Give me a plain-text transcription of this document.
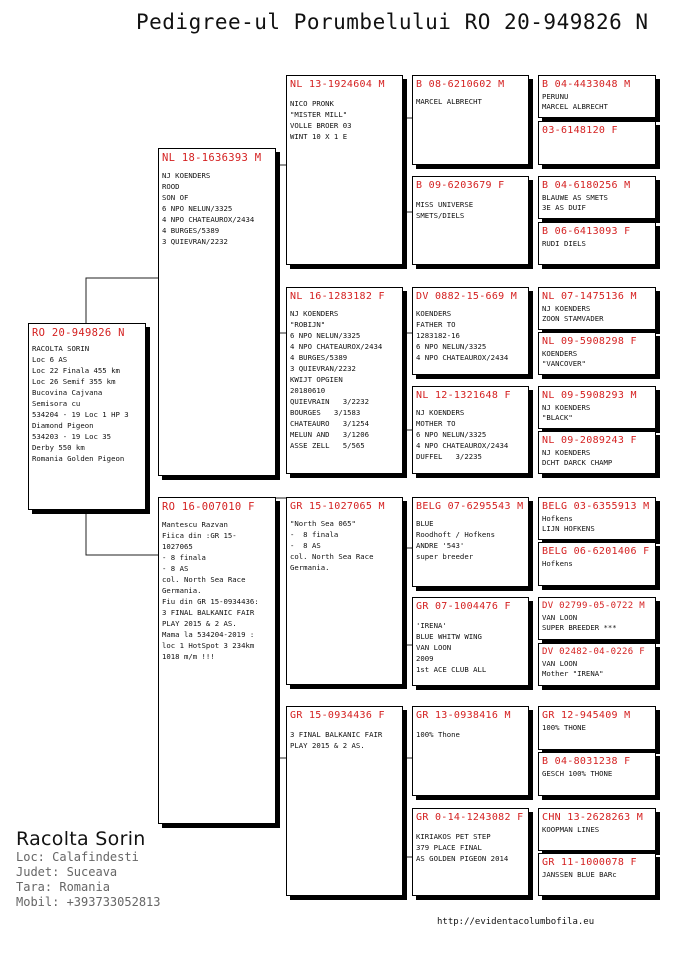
Pedigree-ul Porumbelului RO 20-949826 N
RO 20-949826 N
RACOLTA SORIN
Loc 6 AS
Loc 22 Finala 455 km
Loc 26 Semif 355 km
Bucovina Cajvana
Semisora cu
534204 - 19 Loc 1 HP 3
Diamond Pigeon
534203 - 19 Loc 35
Derby 550 km
Romania Golden Pigeon
NL 18-1636393 M
NJ KOENDERS
ROOD
SON OF
6 NPO NELUN/3325
4 NPO CHATEAUROX/2434
4 BURGES/5389
3 QUIEVRAN/2232
RO 16-007010 F
Mantescu Razvan
Fiica din :GR 15-
1027065
- 8 finala
- 8 AS
col. North Sea Race
Germania.
Fiu din GR 15-0934436:
3 FINAL BALKANIC FAIR
PLAY 2015 & 2 AS.
Mama la 534204-2019 :
loc 1 HotSpot 3 234km
1018 m/m !!!
NL 13-1924604 M
NICO PRONK
"MISTER MILL"
VOLLE BROER 03
WINT 10 X 1 E
NL 16-1283182 F
NJ KOENDERS
"ROBIJN"
6 NPO NELUN/3325
4 NPO CHATEAUROX/2434
4 BURGES/5389
3 QUIEVRAN/2232
KWIJT OPGIEN
20180610
QUIEVRAIN   3/2232
BOURGES   3/1583
CHATEAURO   3/1254
MELUN AND   3/1206
ASSE ZELL   5/565
GR 15-1027065 M
"North Sea 065"
-  8 finala
-  8 AS
col. North Sea Race
Germania.
GR 15-0934436 F
3 FINAL BALKANIC FAIR
PLAY 2015 & 2 AS.
B 08-6210602 M
MARCEL ALBRECHT
B 09-6203679 F
MISS UNIVERSE
SMETS/DIELS
DV 0882-15-669 M
KOENDERS
FATHER TO
1283182-16
6 NPO NELUN/3325
4 NPO CHATEAUROX/2434
NL 12-1321648 F
NJ KOENDERS
MOTHER TO
6 NPO NELUN/3325
4 NPO CHATEAUROX/2434
DUFFEL   3/2235
BELG 07-6295543 M
BLUE
Roodhoft / Hofkens
ANDRE '543'
super breeder
GR 07-1004476 F
'IRENA'
BLUE WHITW WING
VAN LOON
2009
1st ACE CLUB ALL
GR 13-0938416 M
100% Thone
GR 0-14-1243082 F
KIRIAKOS PET STEP
379 PLACE FINAL
AS GOLDEN PIGEON 2014
B 04-4433048 M
PERUNU
MARCEL ALBRECHT
03-6148120 F
B 04-6180256 M
BLAUWE AS SMETS
3E AS DUIF
B 06-6413093 F
RUDI DIELS
NL 07-1475136 M
NJ KOENDERS
ZOON STAMVADER
NL 09-5908298 F
KOENDERS
"VANCOVER"
NL 09-5908293 M
NJ KOENDERS
"BLACK"
NL 09-2089243 F
NJ KOENDERS
DCHT DARCK CHAMP
BELG 03-6355913 M
Hofkens
LIJN HOFKENS
BELG 06-6201406 F
Hofkens
DV 02799-05-0722 M
VAN LOON
SUPER BREEDER ***
DV 02482-04-0226 F
VAN LOON
Mother "IRENA"
GR 12-945409 M
100% THONE
B 04-8031238 F
GESCH 100% THONE
CHN 13-2628263 M
KOOPMAN LINES
GR 11-1000078 F
JANSSEN BLUE BARc
Racolta Sorin
Loc: Calafindesti
Judet: Suceava
Tara: Romania
Mobil: +393733052813
http://evidentacolumbofila.eu
